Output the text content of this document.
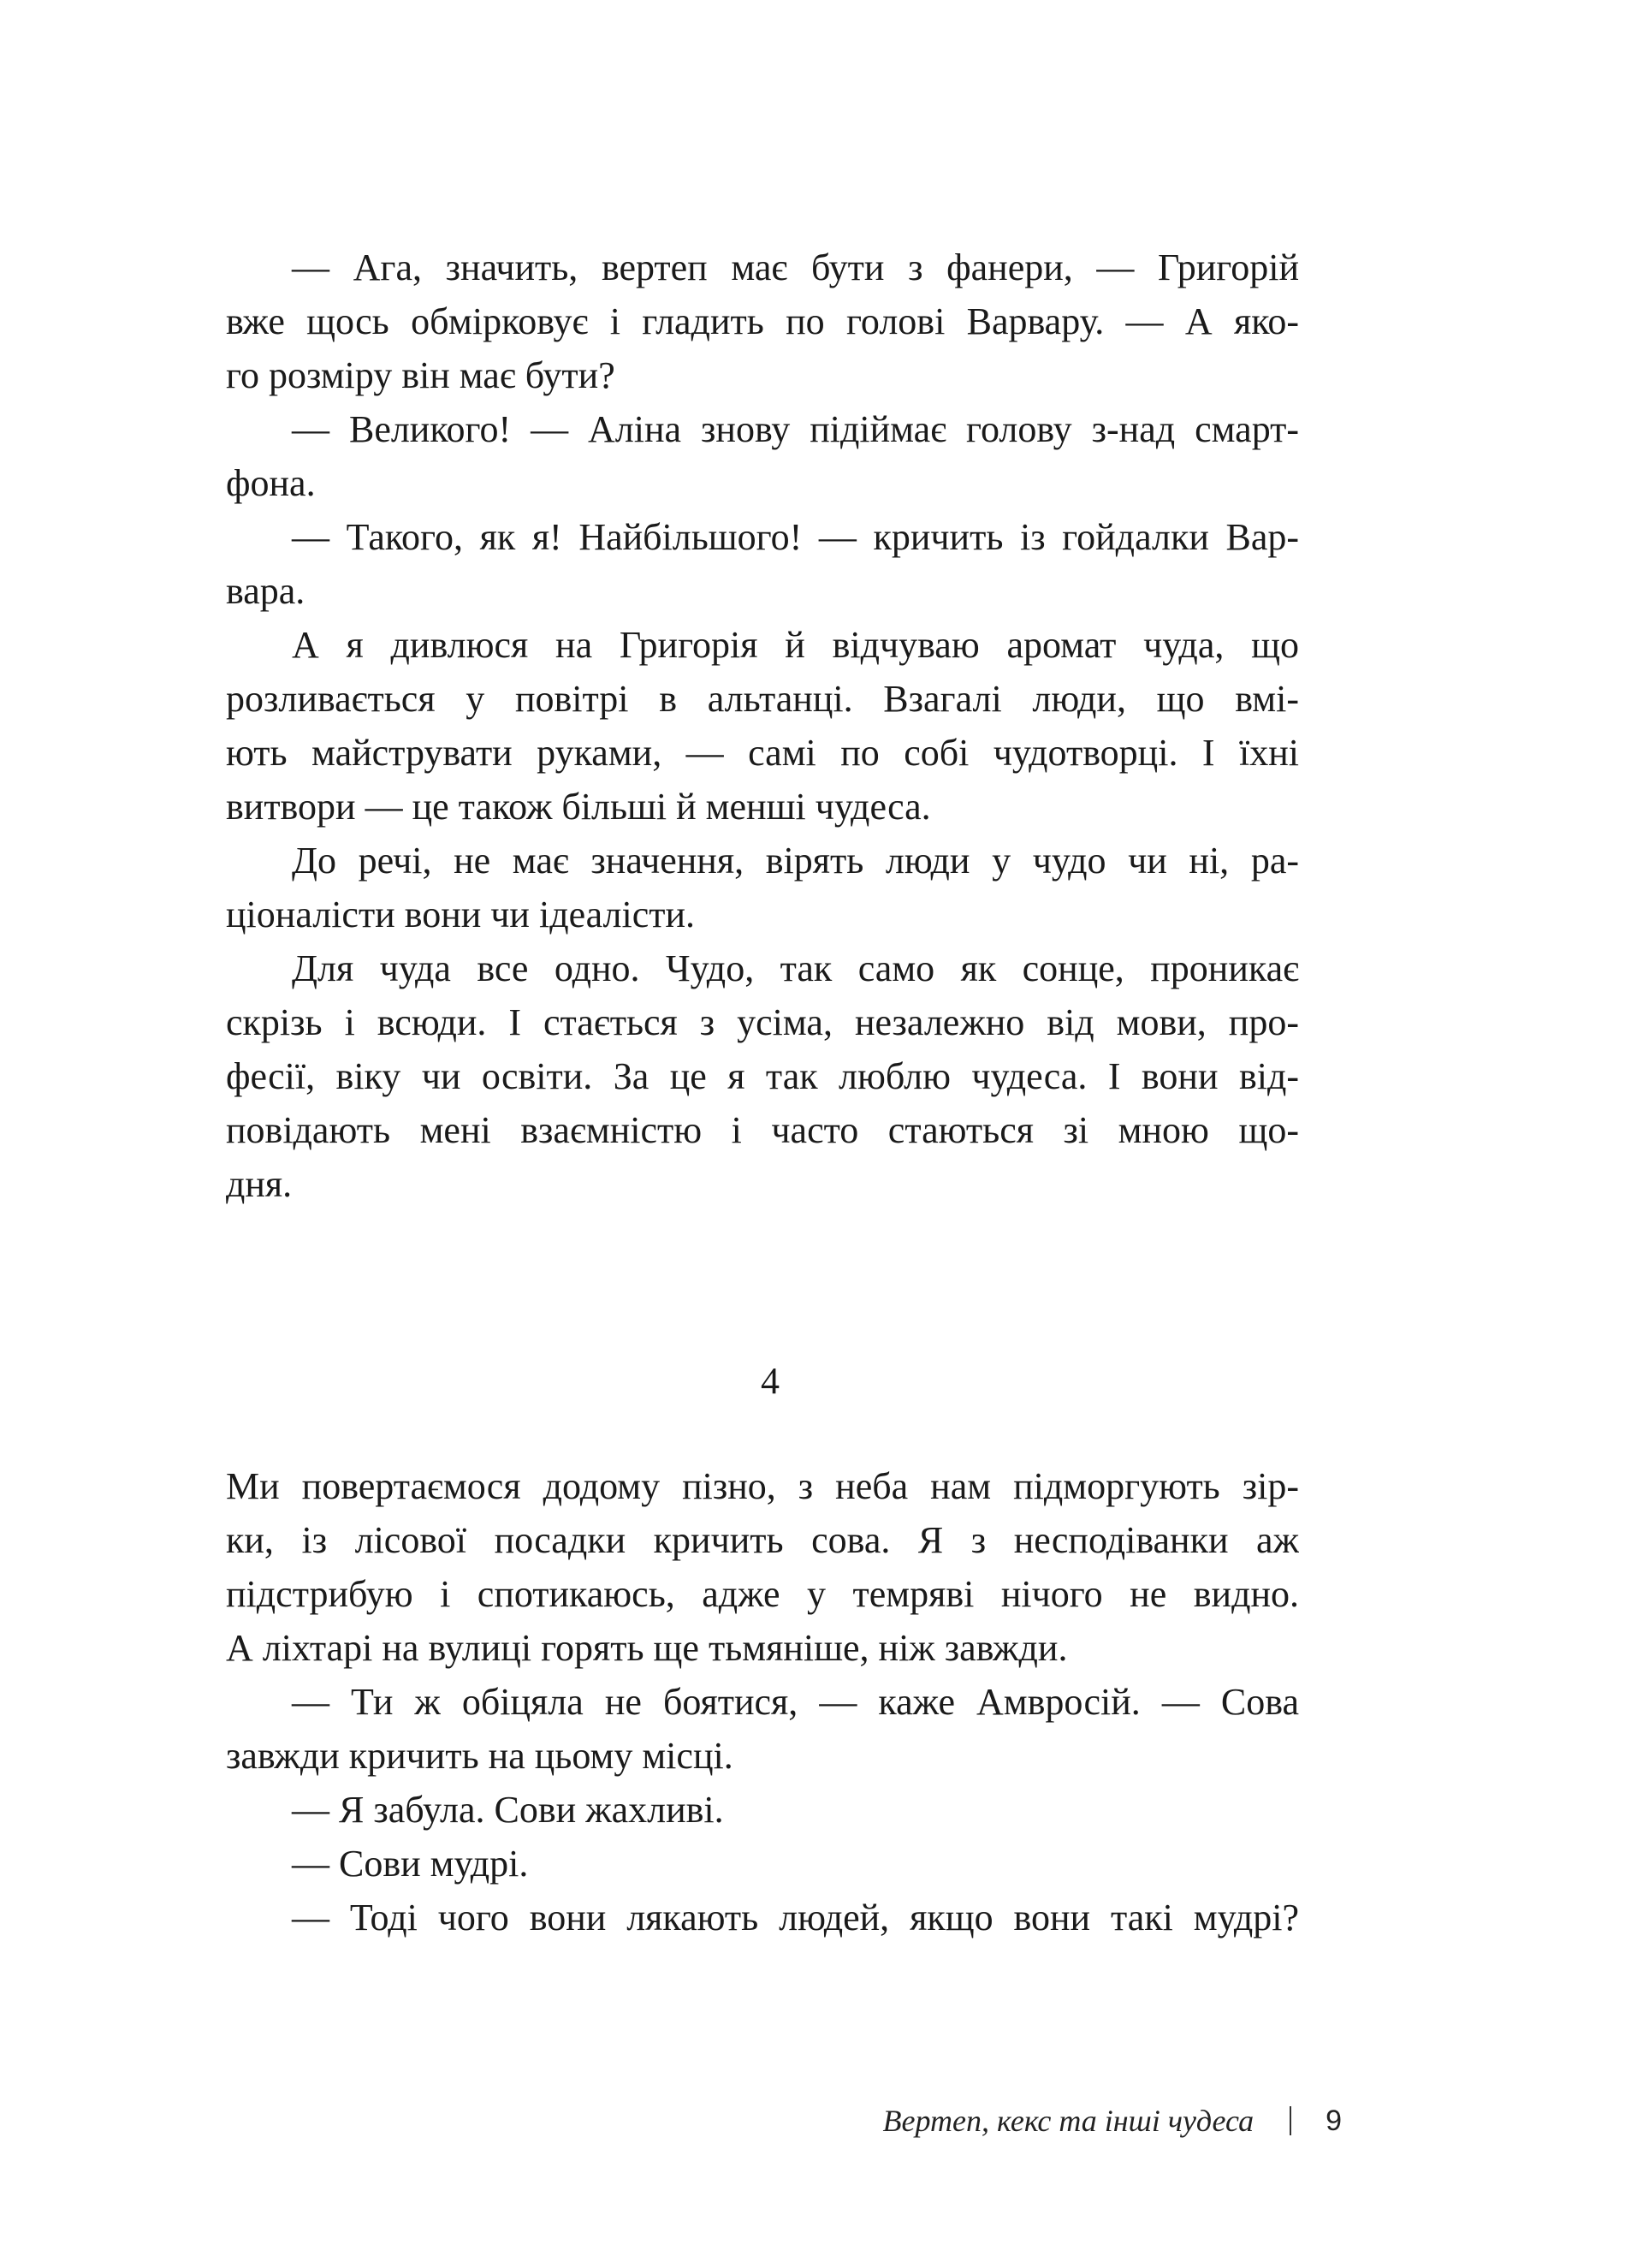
— Ага, значить, вертеп має бути з фанери, — Григорій
вже щось обмірковує і гладить по голові Варвару. — А яко-
го розміру він має бути?
— Великого! — Аліна знову підіймає голову з-над смарт-
фона.
— Такого, як я! Найбільшого! — кричить із гойдалки Вар-
вара.
А я дивлюся на Григорія й відчуваю аромат чуда, що
розливається у повітрі в альтанці. Взагалі люди, що вмі-
ють майструвати руками, — самі по собі чудотворці. І їхні
витвори — це також більші й менші чудеса.
До речі, не має значення, вірять люди у чудо чи ні, ра-
ціоналісти вони чи ідеалісти.
Для чуда все одно. Чудо, так само як сонце, проникає
скрізь і всюди. І стається з усіма, незалежно від мови, про-
фесії, віку чи освіти. За це я так люблю чудеса. І вони від-
повідають мені взаємністю і часто стаються зі мною що-
дня.
4
Ми повертаємося додому пізно, з неба нам підморгують зір-
ки, із лісової посадки кричить сова. Я з несподіванки аж
підстрибую і спотикаюсь, адже у темряві нічого не видно.
А ліхтарі на вулиці горять ще тьмяніше, ніж завжди.
— Ти ж обіцяла не боятися, — каже Амвросій. — Сова
завжди кричить на цьому місці.
— Я забула. Сови жахливі.
— Сови мудрі.
— Тоді чого вони лякають людей, якщо вони такі мудрі?
Вертеп, кекс та інші чудеса 9
